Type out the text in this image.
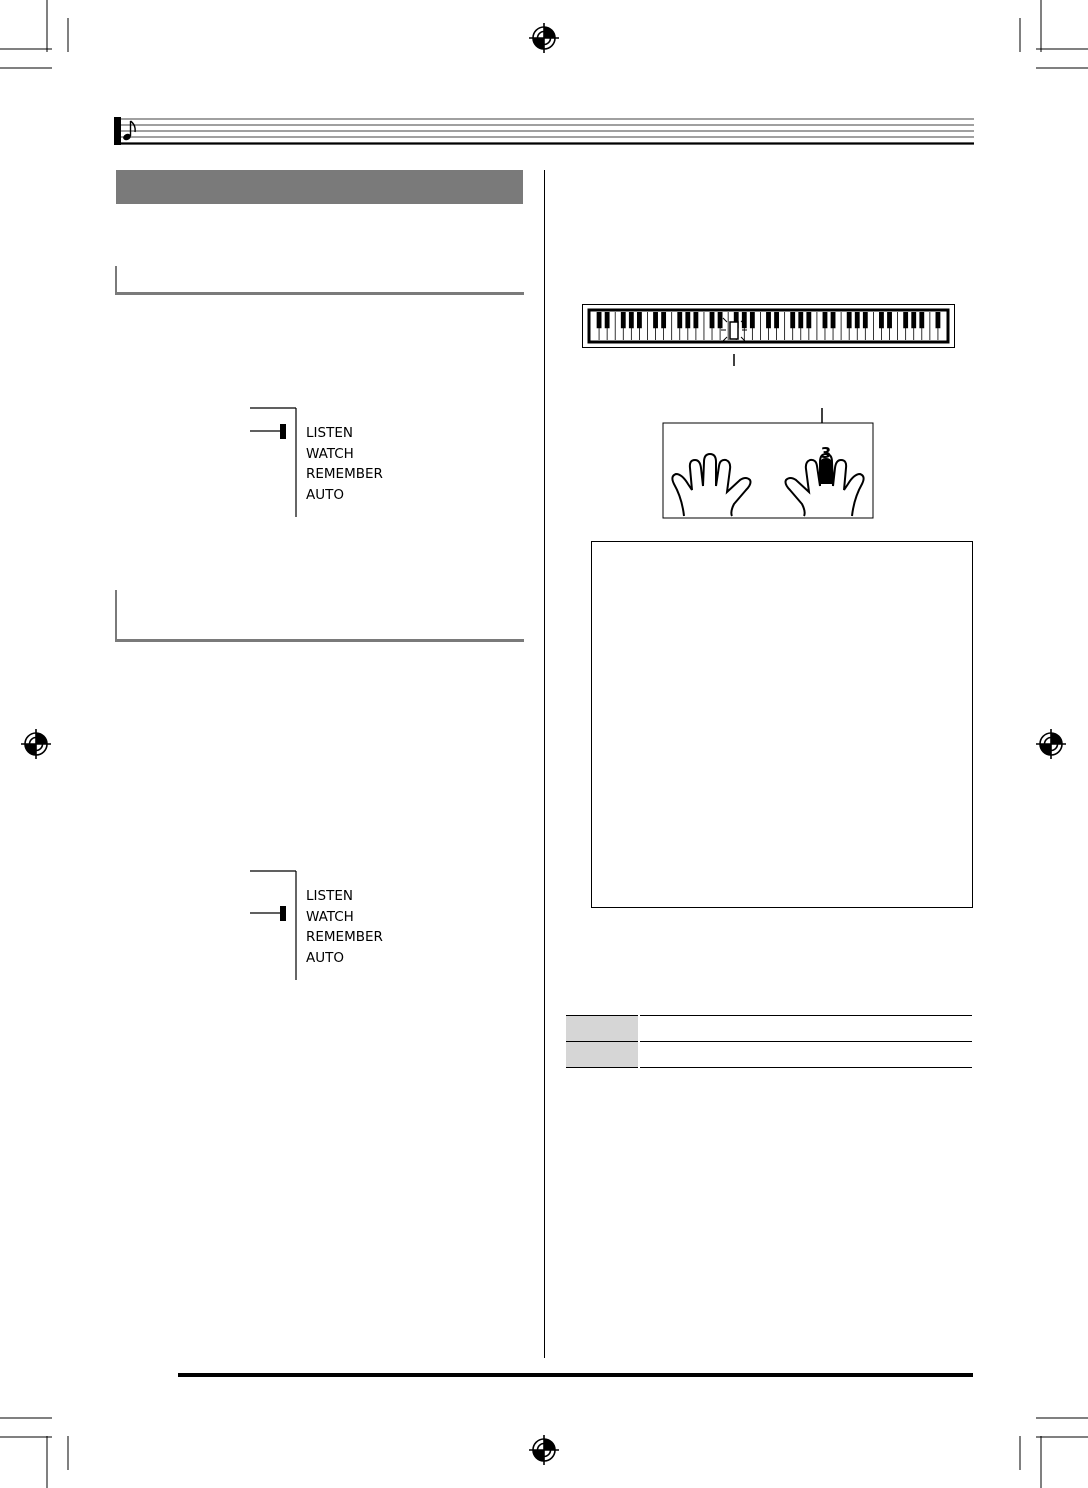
LISTEN
WATCH
REMEMBER
AUTO
LISTEN
WATCH
REMEMBER
AUTO
3
